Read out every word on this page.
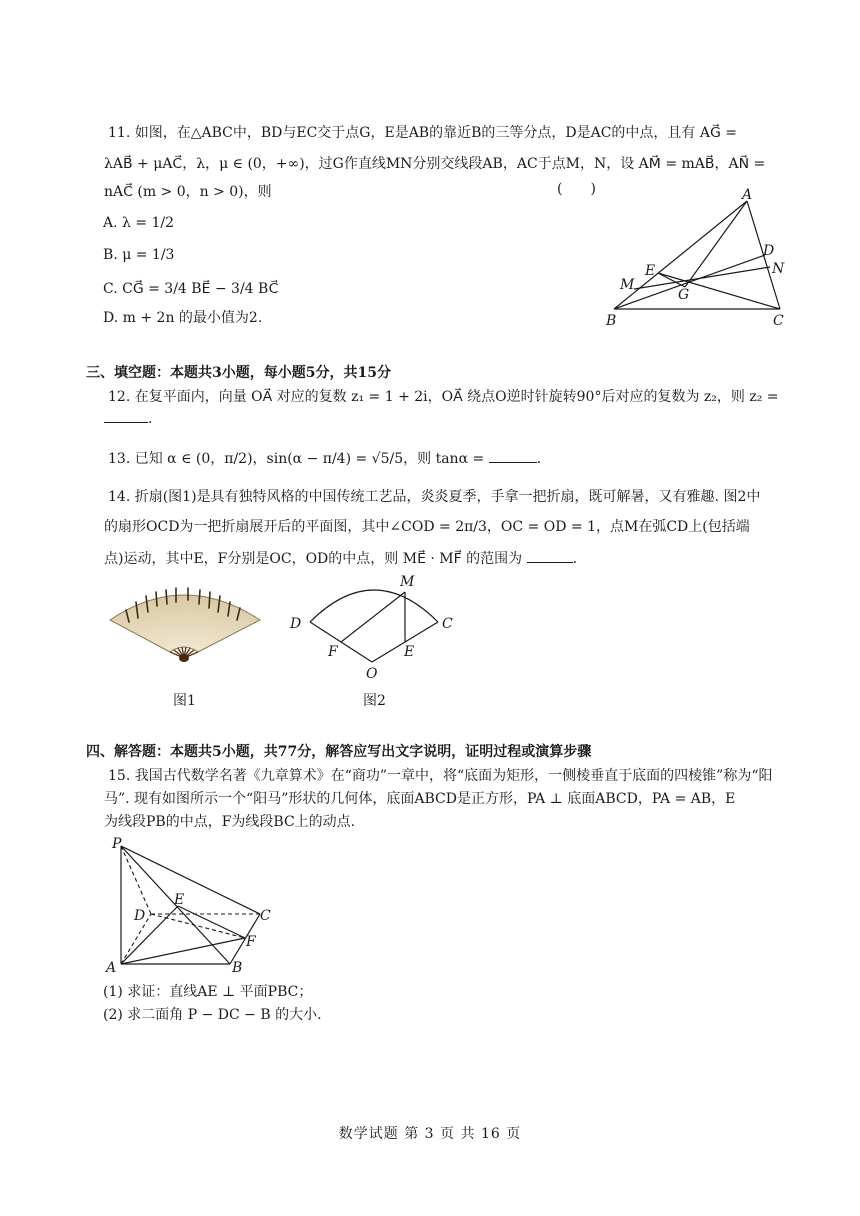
11. 如图，在△ABC中，BD与EC交于点G，E是AB的靠近B的三等分点，D是AC的中点，且有 AG⃗ =
λAB⃗ + μAC⃗，λ，μ ∈ (0，+∞)，过G作直线MN分别交线段AB，AC于点M，N，设 AM⃗ = mAB⃗，AN⃗ =
nAC⃗ (m > 0，n > 0)，则	(　　)
A. λ = 1/2
B. μ = 1/3
C. CG⃗ = 3/4 BE⃗ − 3/4 BC⃗
D. m + 2n 的最小值为2.
A
D
N
E
M
G
B	C
三、填空题：本题共3小题，每小题5分，共15分
12. 在复平面内，向量 OA⃗ 对应的复数 z₁ = 1 + 2i，OA⃗ 绕点O逆时针旋转90°后对应的复数为 z₂，则 z₂ =
.
13. 已知 α ∈ (0，π/2)，sin(α − π/4) = √5/5，则 tanα =	.
14. 折扇(图1)是具有独特风格的中国传统工艺品，炎炎夏季，手拿一把折扇，既可解暑，又有雅趣. 图2中
的扇形OCD为一把折扇展开后的平面图，其中∠COD = 2π/3，OC = OD = 1，点M在弧CD上(包括端
点)运动，其中E，F分别是OC，OD的中点，则 ME⃗ · MF⃗ 的范围为	.
M
D	C
F	E
O
图1	图2
四、解答题：本题共5小题，共77分，解答应写出文字说明，证明过程或演算步骤
15. 我国古代数学名著《九章算术》在“商功”一章中，将“底面为矩形，一侧棱垂直于底面的四棱锥”称为“阳
马”. 现有如图所示一个“阳马”形状的几何体，底面ABCD是正方形，PA ⊥ 底面ABCD，PA = AB，E
为线段PB的中点，F为线段BC上的动点.
P
E
D	C
F
A	B
(1) 求证：直线AE ⊥ 平面PBC；
(2) 求二面角 P − DC − B 的大小.
数学试题 第 3 页 共 16 页
